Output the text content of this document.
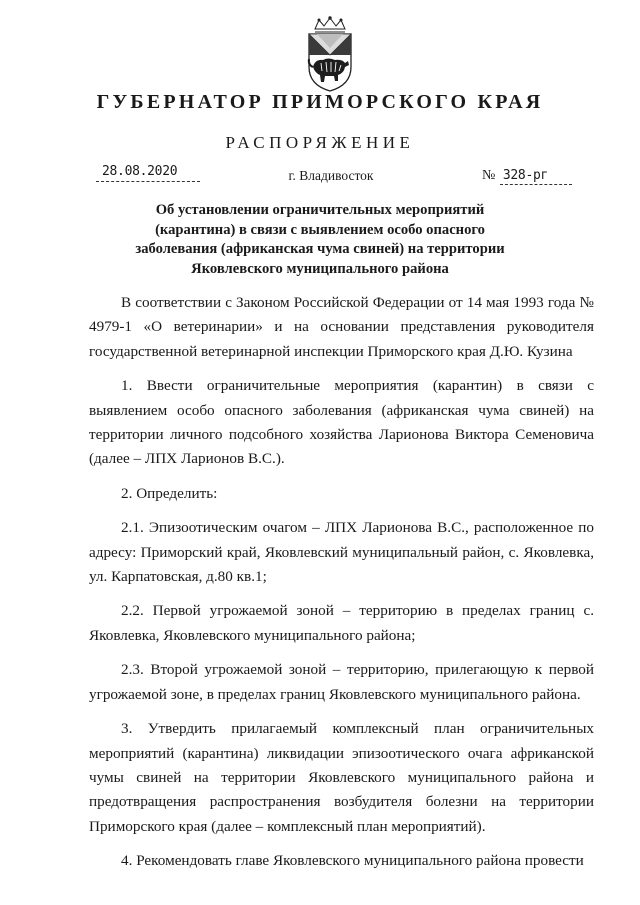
ГУБЕРНАТОР ПРИМОРСКОГО КРАЯ
РАСПОРЯЖЕНИЕ
28.08.2020	г. Владивосток	№ 328-рг
Об установлении ограничительных мероприятий (карантина) в связи с выявлением особо опасного заболевания (африканская чума свиней) на территории Яковлевского муниципального района

В соответствии с Законом Российской Федерации от 14 мая 1993 года № 4979-1 «О ветеринарии» и на основании представления руководителя государственной ветеринарной инспекции Приморского края Д.Ю. Кузина

1. Ввести ограничительные мероприятия (карантин) в связи с выявлением особо опасного заболевания (африканская чума свиней) на территории личного подсобного хозяйства Ларионова Виктора Семеновича (далее – ЛПХ Ларионов В.С.).

2. Определить:

2.1. Эпизоотическим очагом – ЛПХ Ларионова В.С., расположенное по адресу: Приморский край, Яковлевский муниципальный район, с. Яковлевка, ул. Карпатовская, д.80 кв.1;

2.2. Первой угрожаемой зоной – территорию в пределах границ с. Яковлевка, Яковлевского муниципального района;

2.3. Второй угрожаемой зоной – территорию, прилегающую к первой угрожаемой зоне, в пределах границ Яковлевского муниципального района.

3. Утвердить прилагаемый комплексный план ограничительных мероприятий (карантина) ликвидации эпизоотического очага африканской чумы свиней на территории Яковлевского муниципального района и предотвращения распространения возбудителя болезни на территории Приморского края (далее – комплексный план мероприятий).

4. Рекомендовать главе Яковлевского муниципального района провести
